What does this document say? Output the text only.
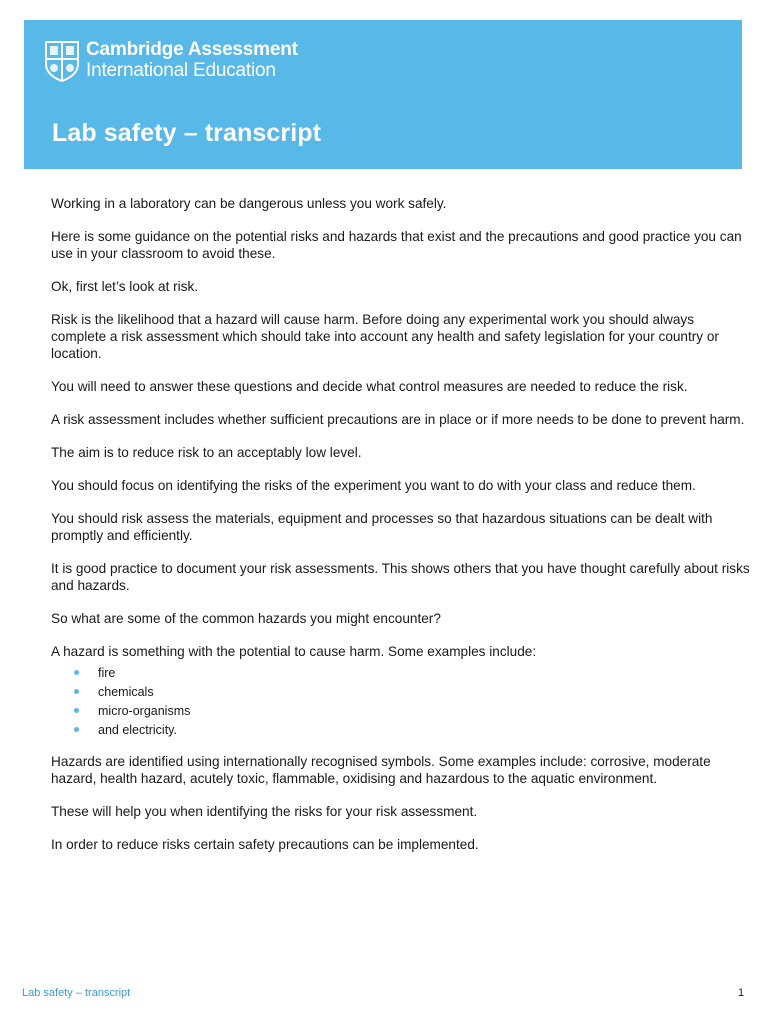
Cambridge Assessment
International Education
Lab safety – transcript

Working in a laboratory can be dangerous unless you work safely.

Here is some guidance on the potential risks and hazards that exist and the precautions and good practice you can use in your classroom to avoid these.

Ok, first let’s look at risk.

Risk is the likelihood that a hazard will cause harm. Before doing any experimental work you should always complete a risk assessment which should take into account any health and safety legislation for your country or location.

You will need to answer these questions and decide what control measures are needed to reduce the risk.

A risk assessment includes whether sufficient precautions are in place or if more needs to be done to prevent harm.

The aim is to reduce risk to an acceptably low level.

You should focus on identifying the risks of the experiment you want to do with your class and reduce them.

You should risk assess the materials, equipment and processes so that hazardous situations can be dealt with promptly and efficiently.

It is good practice to document your risk assessments. This shows others that you have thought carefully about risks and hazards.

So what are some of the common hazards you might encounter?

A hazard is something with the potential to cause harm. Some examples include:

fire
chemicals
micro-organisms
and electricity.

Hazards are identified using internationally recognised symbols. Some examples include: corrosive, moderate hazard, health hazard, acutely toxic, flammable, oxidising and hazardous to the aquatic environment.

These will help you when identifying the risks for your risk assessment.

In order to reduce risks certain safety precautions can be implemented.

Lab safety – transcript	1
